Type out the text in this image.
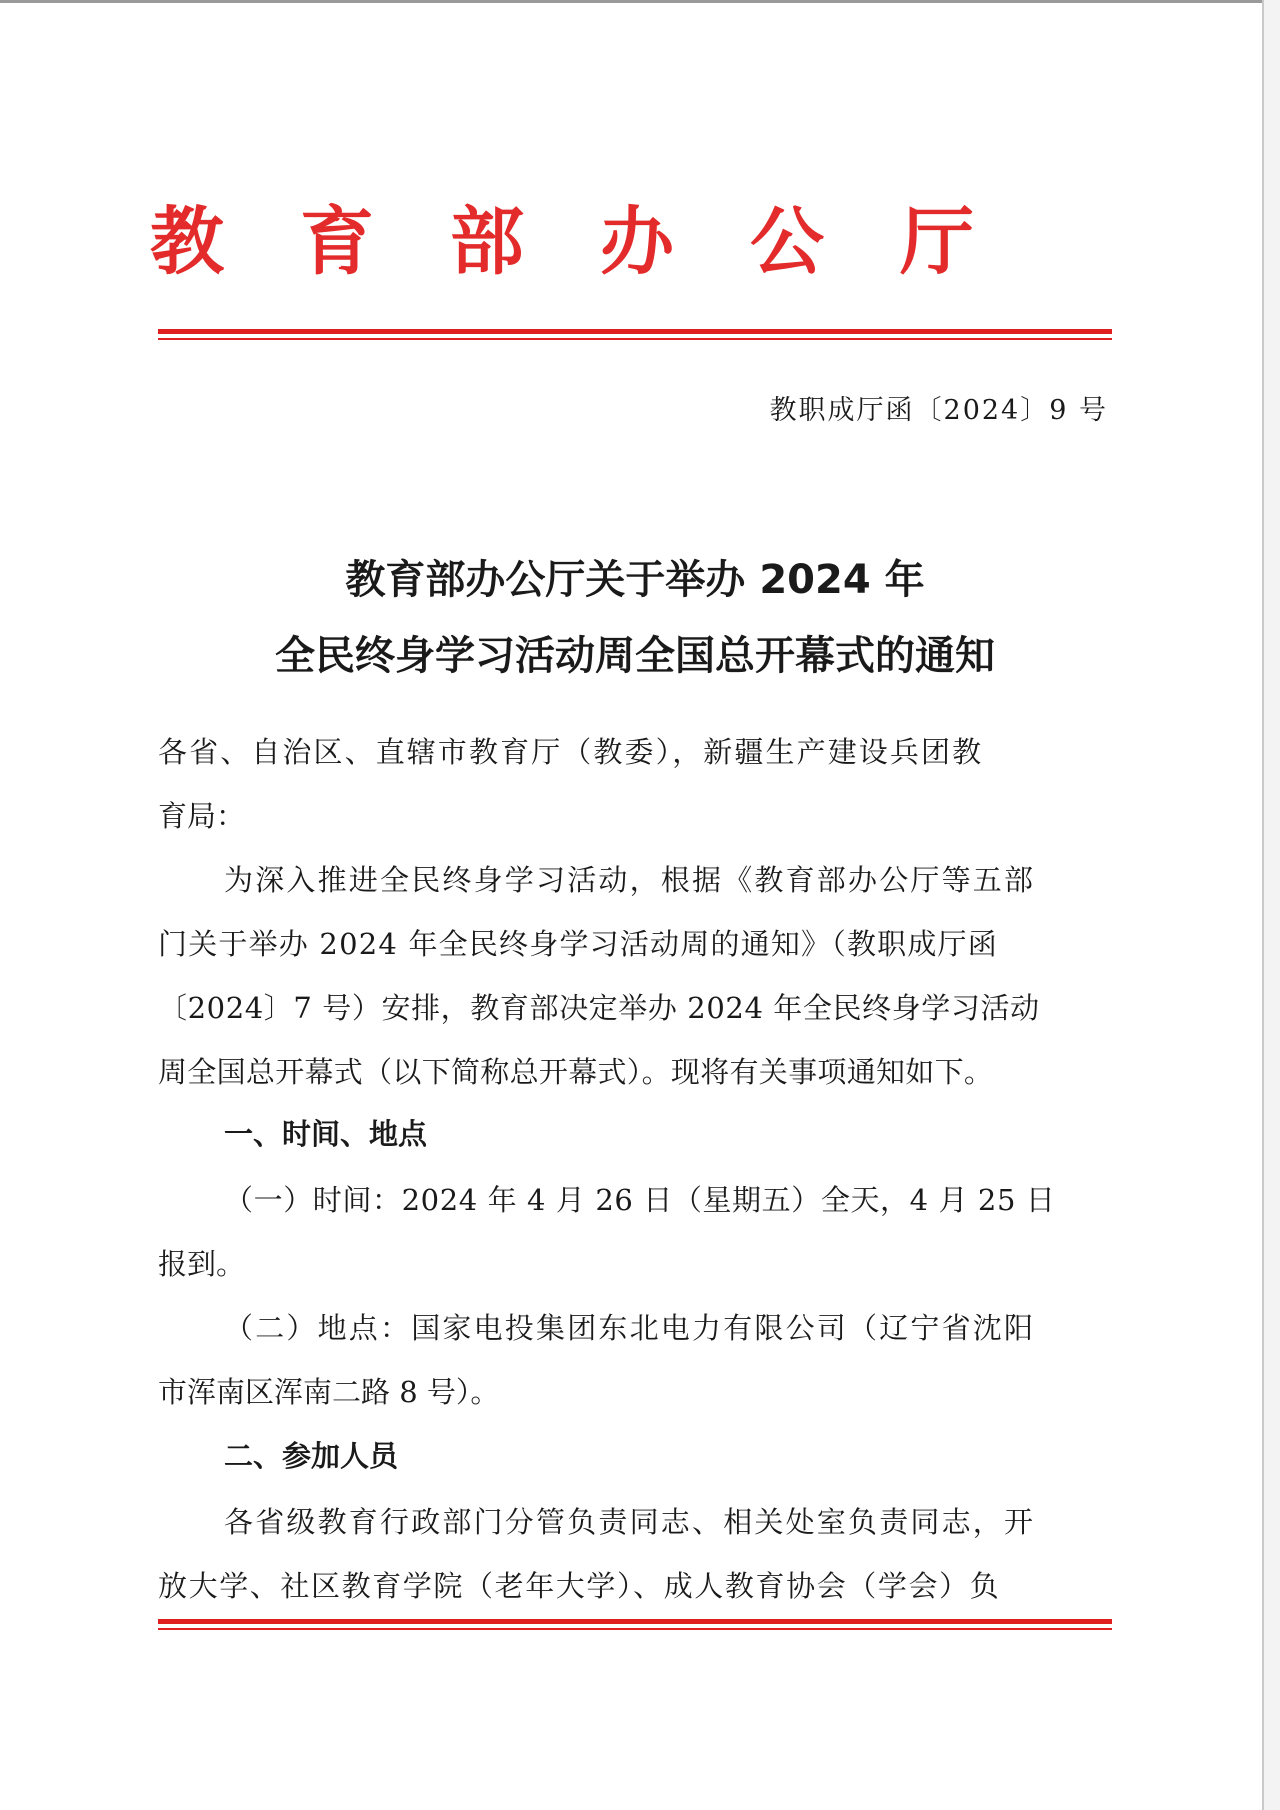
教育部办公厅
教职成厅函〔2024〕9 号
教育部办公厅关于举办 2024 年
全民终身学习活动周全国总开幕式的通知

各省、自治区、直辖市教育厅（教委），新疆生产建设兵团教
育局：

为深入推进全民终身学习活动，根据《教育部办公厅等五部
门关于举办 2024 年全民终身学习活动周的通知》（教职成厅函
〔2024〕7 号）安排，教育部决定举办 2024 年全民终身学习活动
周全国总开幕式（以下简称总开幕式）。现将有关事项通知如下。

一、时间、地点

（一）时间：2024 年 4 月 26 日（星期五）全天，4 月 25 日
报到。

（二）地点：国家电投集团东北电力有限公司（辽宁省沈阳
市浑南区浑南二路 8 号）。

二、参加人员

各省级教育行政部门分管负责同志、相关处室负责同志，开
放大学、社区教育学院（老年大学）、成人教育协会（学会）负
